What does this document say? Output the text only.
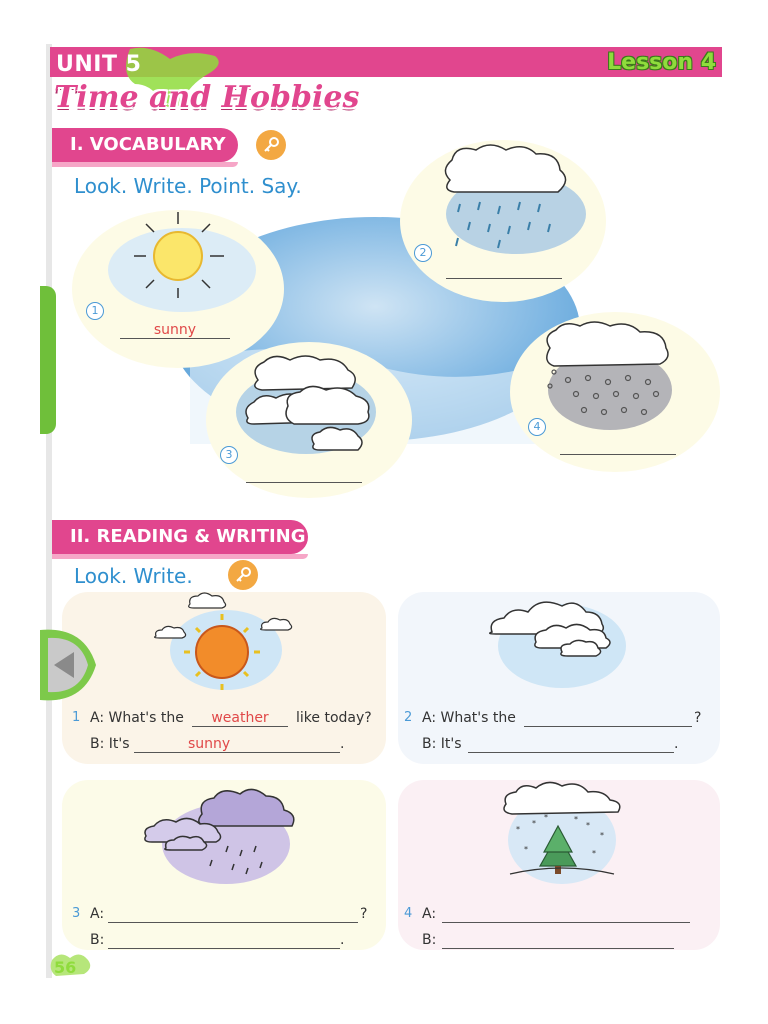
UNIT 5	Lesson 4
Time and Hobbies
I. VOCABULARY
Look. Write. Point. Say.
1
sunny
2
3
4
II. READING & WRITING
Look. Write.
1 A: What's the	weather	like today?
B: It's	sunny	.
2 A: What's the	?
B: It's	.
3 A:	?
B:	.
*
*	*
*
*	*
*	*
4 A:
B:
56
